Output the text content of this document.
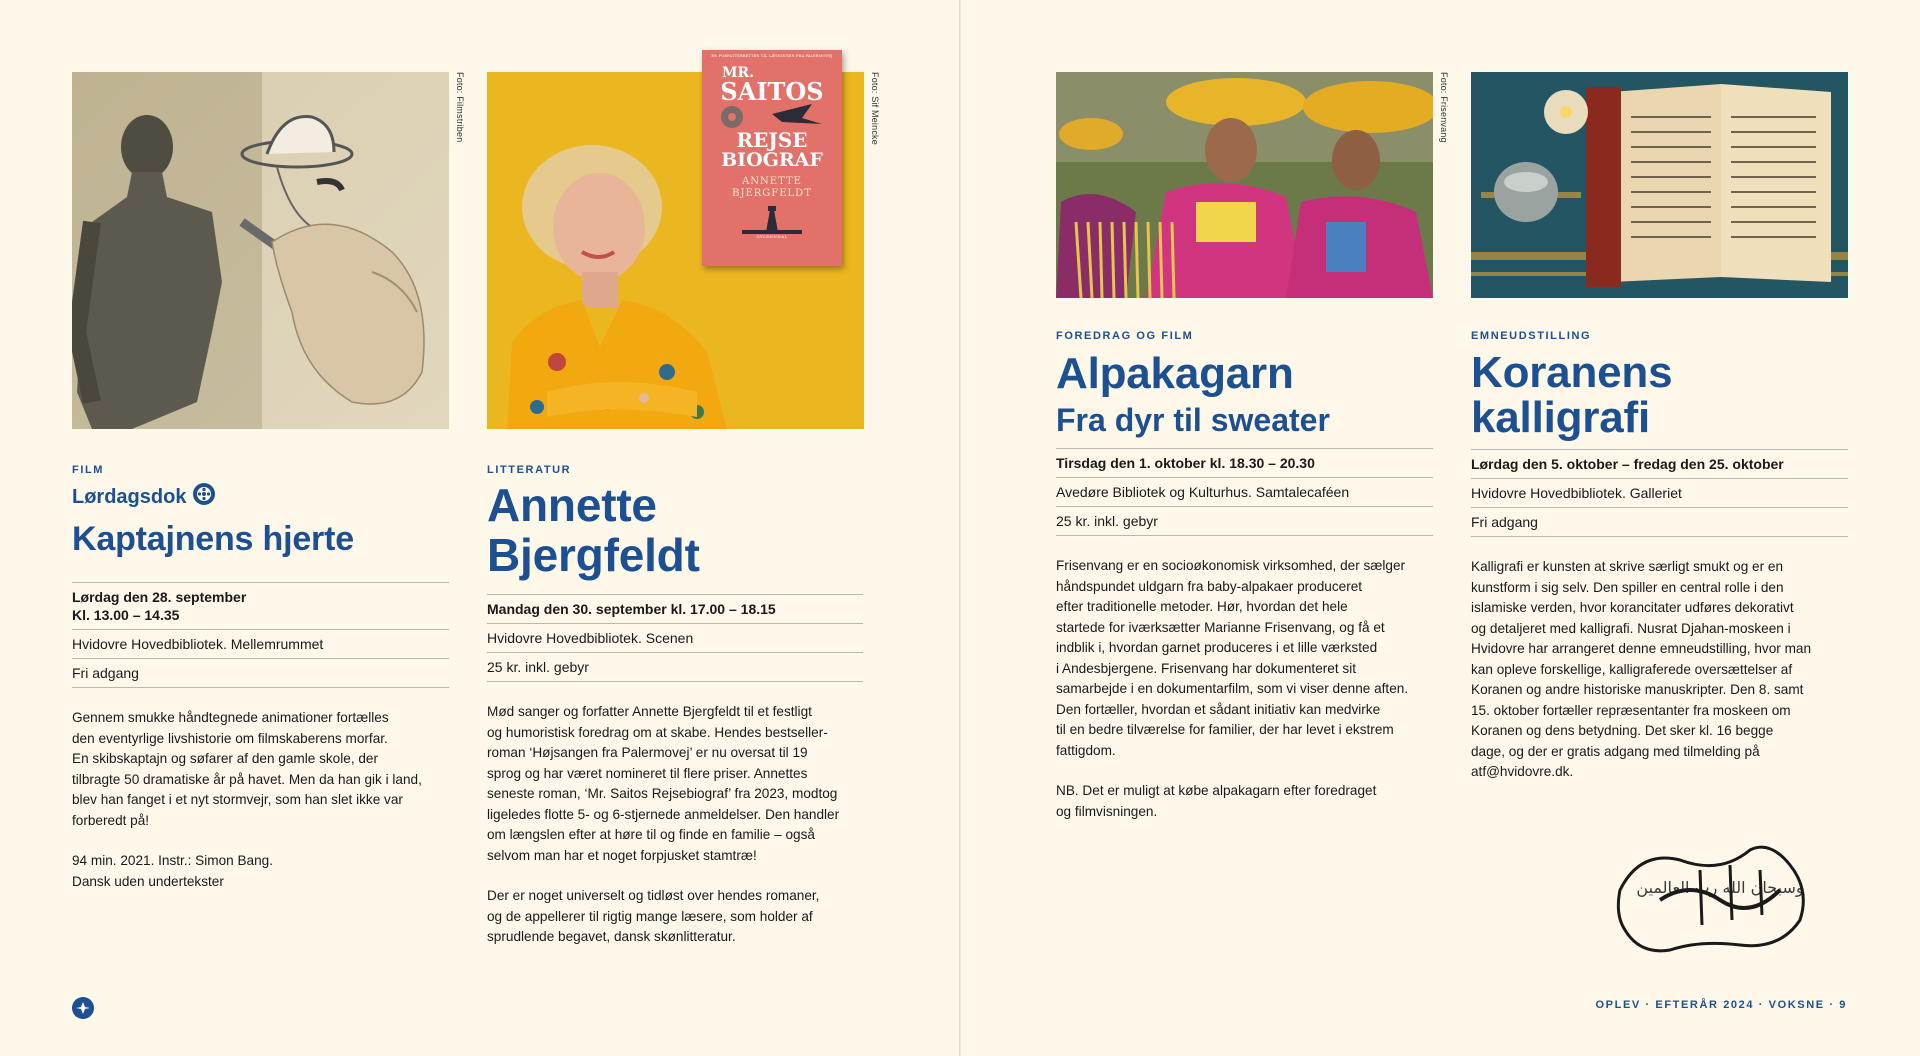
Foto: Filmstriben

FILM

Lørdagsdok
Kaptajnens hjerte
Lørdag den 28. september
Kl. 13.00 – 14.35
Hvidovre Hovedbibliotek. Mellemrummet
Fri adgang

Gennem smukke håndtegnede animationer fortælles
den eventyrlige livshistorie om filmskaberens morfar.
En skibskaptajn og søfarer af den gamle skole, der
tilbragte 50 dramatiske år på havet. Men da han gik i land,
blev han fanget i et nyt stormvejr, som han slet ikke var
forberedt på!

94 min. 2021. Instr.: Simon Bang.
Dansk uden undertekster

EN FORFATTERRETTEN TIL LÆSNINGEN FRA PALERMOVEJ
MR.
SAITOS
REJSE
BIOGRAF
ANNETTE
BJERGFELDT
GYLDENDAL
Foto: Sif Meincke

LITTERATUR

Annette
Bjergfeldt
Mandag den 30. september kl. 17.00 – 18.15
Hvidovre Hovedbibliotek. Scenen
25 kr. inkl. gebyr

Mød sanger og forfatter Annette Bjergfeldt til et festligt
og humoristisk foredrag om at skabe. Hendes bestseller-
roman ‘Højsangen fra Palermovej’ er nu oversat til 19
sprog og har været nomineret til flere priser. Annettes
seneste roman, ‘Mr. Saitos Rejsebiograf’ fra 2023, modtog
ligeledes flotte 5- og 6-stjernede anmeldelser. Den handler
om længslen efter at høre til og finde en familie – også
selvom man har et noget forpjusket stamtræ!

Der er noget universelt og tidløst over hendes romaner,
og de appellerer til rigtig mange læsere, som holder af
sprudlende begavet, dansk skønlitteratur.

Foto: Frisenvang

FOREDRAG OG FILM

Alpakagarn
Fra dyr til sweater
Tirsdag den 1. oktober kl. 18.30 – 20.30
Avedøre Bibliotek og Kulturhus. Samtalecaféen
25 kr. inkl. gebyr

Frisenvang er en socioøkonomisk virksomhed, der sælger
håndspundet uldgarn fra baby-alpakaer produceret
efter traditionelle metoder. Hør, hvordan det hele
startede for iværksætter Marianne Frisenvang, og få et
indblik i, hvordan garnet produceres i et lille værksted
i Andesbjergene. Frisenvang har dokumenteret sit
samarbejde i en dokumentarfilm, som vi viser denne aften.
Den fortæller, hvordan et sådant initiativ kan medvirke
til en bedre tilværelse for familier, der har levet i ekstrem
fattigdom.

NB. Det er muligt at købe alpakagarn efter foredraget
og filmvisningen.

EMNEUDSTILLING

Koranens
kalligrafi
Lørdag den 5. oktober – fredag den 25. oktober
Hvidovre Hovedbibliotek. Galleriet
Fri adgang

Kalligrafi er kunsten at skrive særligt smukt og er en
kunstform i sig selv. Den spiller en central rolle i den
islamiske verden, hvor korancitater udføres dekorativt
og detaljeret med kalligrafi. Nusrat Djahan-moskeen i
Hvidovre har arrangeret denne emneudstilling, hvor man
kan opleve forskellige, kalligraferede oversættelser af
Koranen og andre historiske manuskripter. Den 8. samt
15. oktober fortæller repræsentanter fra moskeen om
Koranen og dens betydning. Det sker kl. 16 begge
dage, og der er gratis adgang med tilmelding på
atf@hvidovre.dk.

وسبحان الله رب العالمين
OPLEV · EFTERÅR 2024 · VOKSNE · 9
